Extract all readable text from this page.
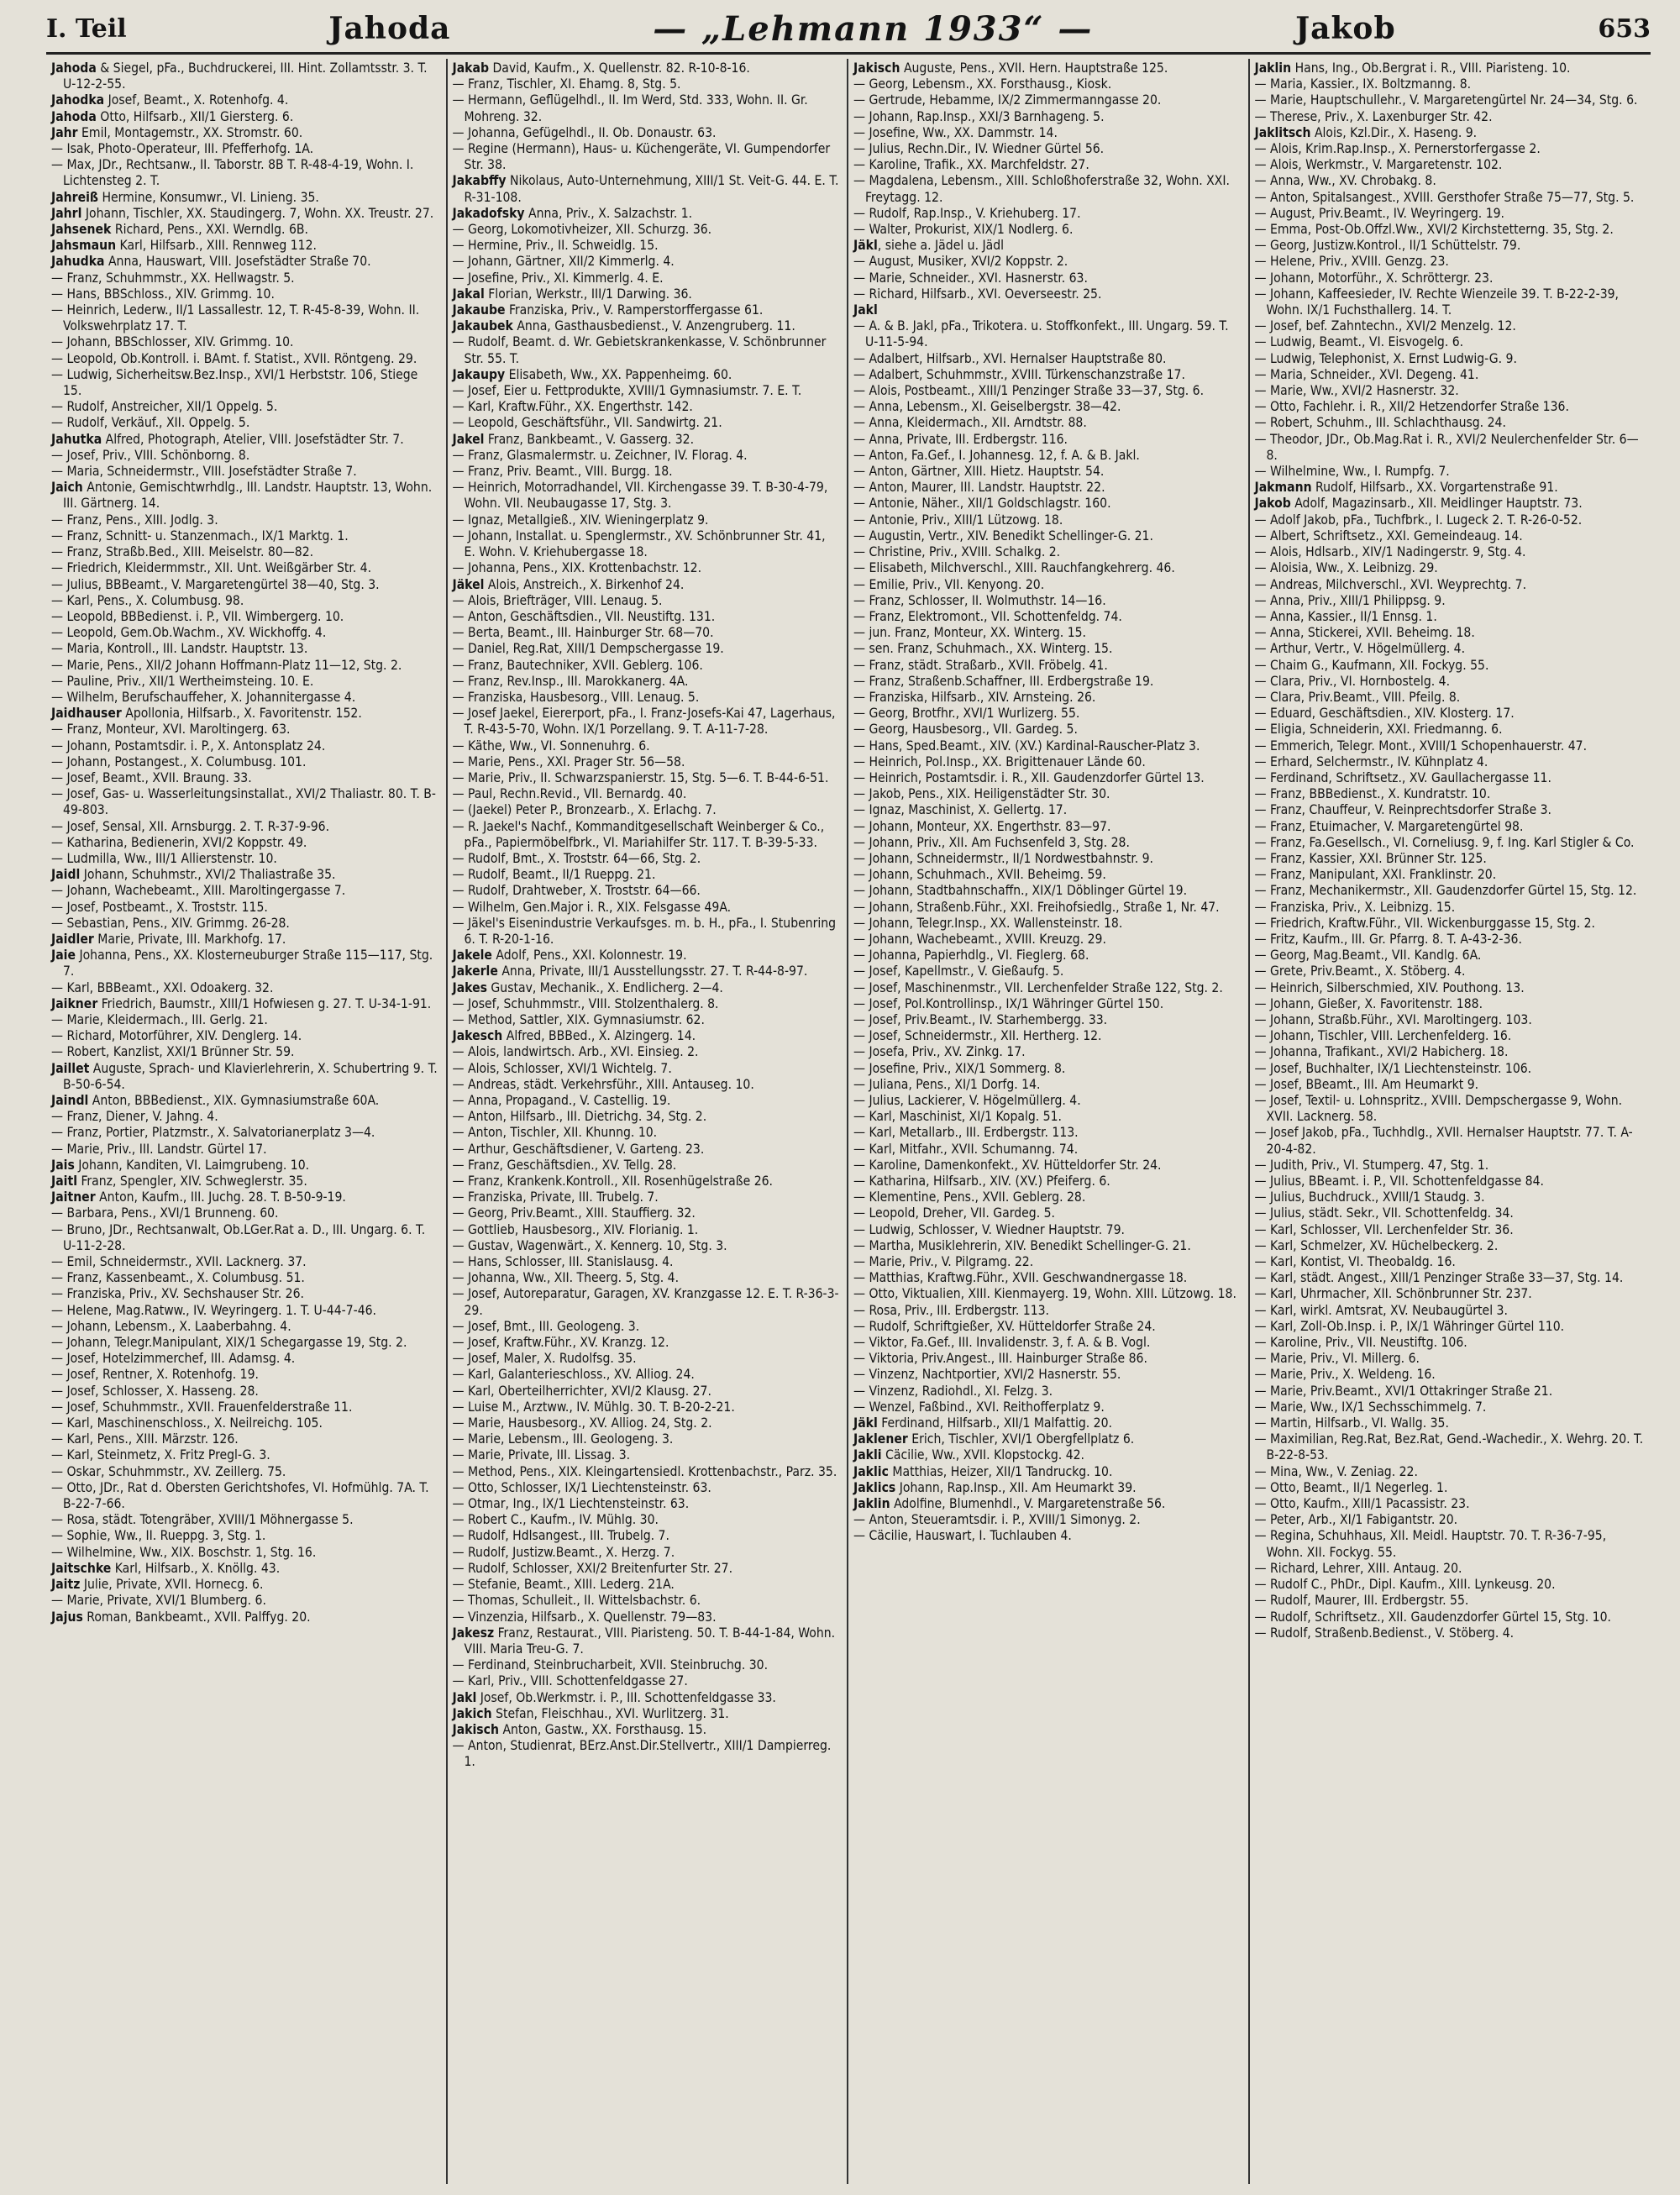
I. Teil	Jahoda	— „Lehmann 1933“ —	Jakob	653

Jahoda & Siegel, pFa., Buchdruckerei, III. Hint. Zollamtsstr. 3. T. U-12-2-55.

Jahodka Josef, Beamt., X. Rotenhofg. 4.

Jahoda Otto, Hilfsarb., XII/1 Giersterg. 6.

Jahr Emil, Montagemstr., XX. Stromstr. 60.

— Isak, Photo-Operateur, III. Pfefferhofg. 1A.

— Max, JDr., Rechtsanw., II. Taborstr. 8B T. R-48-4-19, Wohn. I. Lichtensteg 2. T.

Jahreiß Hermine, Konsumwr., VI. Linieng. 35.

Jahrl Johann, Tischler, XX. Staudingerg. 7, Wohn. XX. Treustr. 27.

Jahsenek Richard, Pens., XXI. Werndlg. 6B.

Jahsmaun Karl, Hilfsarb., XIII. Rennweg 112.

Jahudka Anna, Hauswart, VIII. Josefstädter Straße 70.

— Franz, Schuhmmstr., XX. Hellwagstr. 5.

— Hans, BBSchloss., XIV. Grimmg. 10.

— Heinrich, Lederw., II/1 Lassallestr. 12, T. R-45-8-39, Wohn. II. Volkswehrplatz 17. T.

— Johann, BBSchlosser, XIV. Grimmg. 10.

— Leopold, Ob.Kontroll. i. BAmt. f. Statist., XVII. Röntgeng. 29.

— Ludwig, Sicherheitsw.Bez.Insp., XVI/1 Herbststr. 106, Stiege 15.

— Rudolf, Anstreicher, XII/1 Oppelg. 5.

— Rudolf, Verkäuf., XII. Oppelg. 5.

Jahutka Alfred, Photograph, Atelier, VIII. Josefstädter Str. 7.

— Josef, Priv., VIII. Schönborng. 8.

— Maria, Schneidermstr., VIII. Josefstädter Straße 7.

Jaich Antonie, Gemischtwrhdlg., III. Landstr. Hauptstr. 13, Wohn. III. Gärtnerg. 14.

— Franz, Pens., XIII. Jodlg. 3.

— Franz, Schnitt- u. Stanzenmach., IX/1 Marktg. 1.

— Franz, Straßb.Bed., XIII. Meiselstr. 80—82.

— Friedrich, Kleidermmstr., XII. Unt. Weißgärber Str. 4.

— Julius, BBBeamt., V. Margaretengürtel 38—40, Stg. 3.

— Karl, Pens., X. Columbusg. 98.

— Leopold, BBBedienst. i. P., VII. Wimbergerg. 10.

— Leopold, Gem.Ob.Wachm., XV. Wickhoffg. 4.

— Maria, Kontroll., III. Landstr. Hauptstr. 13.

— Marie, Pens., XII/2 Johann Hoffmann-Platz 11—12, Stg. 2.

— Pauline, Priv., XII/1 Wertheimsteing. 10. E.

— Wilhelm, Berufschauffeher, X. Johannitergasse 4.

Jaidhauser Apollonia, Hilfsarb., X. Favoritenstr. 152.

— Franz, Monteur, XVI. Maroltingerg. 63.

— Johann, Postamtsdir. i. P., X. Antonsplatz 24.

— Johann, Postangest., X. Columbusg. 101.

— Josef, Beamt., XVII. Braung. 33.

— Josef, Gas- u. Wasserleitungsinstallat., XVI/2 Thaliastr. 80. T. B-49-803.

— Josef, Sensal, XII. Arnsburgg. 2. T. R-37-9-96.

— Katharina, Bedienerin, XVI/2 Koppstr. 49.

— Ludmilla, Ww., III/1 Allierstenstr. 10.

Jaidl Johann, Schuhmstr., XVI/2 Thaliastraße 35.

— Johann, Wachebeamt., XIII. Maroltingergasse 7.

— Josef, Postbeamt., X. Troststr. 115.

— Sebastian, Pens., XIV. Grimmg. 26-28.

Jaidler Marie, Private, III. Markhofg. 17.

Jaie Johanna, Pens., XX. Klosterneuburger Straße 115—117, Stg. 7.

— Karl, BBBeamt., XXI. Odoakerg. 32.

Jaikner Friedrich, Baumstr., XIII/1 Hofwiesen g. 27. T. U-34-1-91.

— Marie, Kleidermach., III. Gerlg. 21.

— Richard, Motorführer, XIV. Denglerg. 14.

— Robert, Kanzlist, XXI/1 Brünner Str. 59.

Jaillet Auguste, Sprach- und Klavierlehrerin, X. Schubertring 9. T. B-50-6-54.

Jaindl Anton, BBBedienst., XIX. Gymnasiumstraße 60A.

— Franz, Diener, V. Jahng. 4.

— Franz, Portier, Platzmstr., X. Salvatorianerplatz 3—4.

— Marie, Priv., III. Landstr. Gürtel 17.

Jais Johann, Kanditen, VI. Laimgrubeng. 10.

Jaitl Franz, Spengler, XIV. Schweglerstr. 35.

Jaitner Anton, Kaufm., III. Juchg. 28. T. B-50-9-19.

— Barbara, Pens., XVI/1 Brunneng. 60.

— Bruno, JDr., Rechtsanwalt, Ob.LGer.Rat a. D., III. Ungarg. 6. T. U-11-2-28.

— Emil, Schneidermstr., XVII. Lacknerg. 37.

— Franz, Kassenbeamt., X. Columbusg. 51.

— Franziska, Priv., XV. Sechshauser Str. 26.

— Helene, Mag.Ratww., IV. Weyringerg. 1. T. U-44-7-46.

— Johann, Lebensm., X. Laaberbahng. 4.

— Johann, Telegr.Manipulant, XIX/1 Schegargasse 19, Stg. 2.

— Josef, Hotelzimmerchef, III. Adamsg. 4.

— Josef, Rentner, X. Rotenhofg. 19.

— Josef, Schlosser, X. Hasseng. 28.

— Josef, Schuhmmstr., XVII. Frauenfelderstraße 11.

— Karl, Maschinenschloss., X. Neilreichg. 105.

— Karl, Pens., XIII. Märzstr. 126.

— Karl, Steinmetz, X. Fritz Pregl-G. 3.

— Oskar, Schuhmmstr., XV. Zeillerg. 75.

— Otto, JDr., Rat d. Obersten Gerichtshofes, VI. Hofmühlg. 7A. T. B-22-7-66.

— Rosa, städt. Totengräber, XVIII/1 Möhnergasse 5.

— Sophie, Ww., II. Rueppg. 3, Stg. 1.

— Wilhelmine, Ww., XIX. Boschstr. 1, Stg. 16.

Jaitschke Karl, Hilfsarb., X. Knöllg. 43.

Jaitz Julie, Private, XVII. Hornecg. 6.

— Marie, Private, XVI/1 Blumberg. 6.

Jajus Roman, Bankbeamt., XVII. Palffyg. 20.

Jakab David, Kaufm., X. Quellenstr. 82. R-10-8-16.

— Franz, Tischler, XI. Ehamg. 8, Stg. 5.

— Hermann, Geflügelhdl., II. Im Werd, Std. 333, Wohn. II. Gr. Mohreng. 32.

— Johanna, Gefügelhdl., II. Ob. Donaustr. 63.

— Regine (Hermann), Haus- u. Küchengeräte, VI. Gumpendorfer Str. 38.

Jakabffy Nikolaus, Auto-Unternehmung, XIII/1 St. Veit-G. 44. E. T. R-31-108.

Jakadofsky Anna, Priv., X. Salzachstr. 1.

— Georg, Lokomotivheizer, XII. Schurzg. 36.

— Hermine, Priv., II. Schweidlg. 15.

— Johann, Gärtner, XII/2 Kimmerlg. 4.

— Josefine, Priv., XI. Kimmerlg. 4. E.

Jakal Florian, Werkstr., III/1 Darwing. 36.

Jakaube Franziska, Priv., V. Ramperstorffergasse 61.

Jakaubek Anna, Gasthausbedienst., V. Anzengruberg. 11.

— Rudolf, Beamt. d. Wr. Gebietskrankenkasse, V. Schönbrunner Str. 55. T.

Jakaupy Elisabeth, Ww., XX. Pappenheimg. 60.

— Josef, Eier u. Fettprodukte, XVIII/1 Gymnasiumstr. 7. E. T.

— Karl, Kraftw.Führ., XX. Engerthstr. 142.

— Leopold, Geschäftsführ., VII. Sandwirtg. 21.

Jakel Franz, Bankbeamt., V. Gasserg. 32.

— Franz, Glasmalermstr. u. Zeichner, IV. Florag. 4.

— Franz, Priv. Beamt., VIII. Burgg. 18.

— Heinrich, Motorradhandel, VII. Kirchengasse 39. T. B-30-4-79, Wohn. VII. Neubaugasse 17, Stg. 3.

— Ignaz, Metallgieß., XIV. Wieningerplatz 9.

— Johann, Installat. u. Spenglermstr., XV. Schönbrunner Str. 41, E. Wohn. V. Kriehubergasse 18.

— Johanna, Pens., XIX. Krottenbachstr. 12.

Jäkel Alois, Anstreich., X. Birkenhof 24.

— Alois, Briefträger, VIII. Lenaug. 5.

— Anton, Geschäftsdien., VII. Neustiftg. 131.

— Berta, Beamt., III. Hainburger Str. 68—70.

— Daniel, Reg.Rat, XIII/1 Dempschergasse 19.

— Franz, Bautechniker, XVII. Geblerg. 106.

— Franz, Rev.Insp., III. Marokkanerg. 4A.

— Franziska, Hausbesorg., VIII. Lenaug. 5.

— Josef Jaekel, Eiererport, pFa., I. Franz-Josefs-Kai 47, Lagerhaus, T. R-43-5-70, Wohn. IX/1 Porzellang. 9. T. A-11-7-28.

— Käthe, Ww., VI. Sonnenuhrg. 6.

— Marie, Pens., XXI. Prager Str. 56—58.

— Marie, Priv., II. Schwarzspanierstr. 15, Stg. 5—6. T. B-44-6-51.

— Paul, Rechn.Revid., VII. Bernardg. 40.

— (Jaekel) Peter P., Bronzearb., X. Erlachg. 7.

— R. Jaekel's Nachf., Kommanditgesellschaft Weinberger & Co., pFa., Papiermöbelfbrk., VI. Mariahilfer Str. 117. T. B-39-5-33.

— Rudolf, Bmt., X. Troststr. 64—66, Stg. 2.

— Rudolf, Beamt., II/1 Rueppg. 21.

— Rudolf, Drahtweber, X. Troststr. 64—66.

— Wilhelm, Gen.Major i. R., XIX. Felsgasse 49A.

— Jäkel's Eisenindustrie Verkaufsges. m. b. H., pFa., I. Stubenring 6. T. R-20-1-16.

Jakele Adolf, Pens., XXI. Kolonnestr. 19.

Jakerle Anna, Private, III/1 Ausstellungsstr. 27. T. R-44-8-97.

Jakes Gustav, Mechanik., X. Endlicherg. 2—4.

— Josef, Schuhmmstr., VIII. Stolzenthalerg. 8.

— Method, Sattler, XIX. Gymnasiumstr. 62.

Jakesch Alfred, BBBed., X. Alzingerg. 14.

— Alois, landwirtsch. Arb., XVI. Einsieg. 2.

— Alois, Schlosser, XVI/1 Wichtelg. 7.

— Andreas, städt. Verkehrsführ., XIII. Antauseg. 10.

— Anna, Propagand., V. Castellig. 19.

— Anton, Hilfsarb., III. Dietrichg. 34, Stg. 2.

— Anton, Tischler, XII. Khunng. 10.

— Arthur, Geschäftsdiener, V. Garteng. 23.

— Franz, Geschäftsdien., XV. Tellg. 28.

— Franz, Krankenk.Kontroll., XII. Rosenhügelstraße 26.

— Franziska, Private, III. Trubelg. 7.

— Georg, Priv.Beamt., XIII. Stauffierg. 32.

— Gottlieb, Hausbesorg., XIV. Florianig. 1.

— Gustav, Wagenwärt., X. Kennerg. 10, Stg. 3.

— Hans, Schlosser, III. Stanislausg. 4.

— Johanna, Ww., XII. Theerg. 5, Stg. 4.

— Josef, Autoreparatur, Garagen, XV. Kranzgasse 12. E. T. R-36-3-29.

— Josef, Bmt., III. Geologeng. 3.

— Josef, Kraftw.Führ., XV. Kranzg. 12.

— Josef, Maler, X. Rudolfsg. 35.

— Karl, Galanterieschloss., XV. Alliog. 24.

— Karl, Oberteilherrichter, XVI/2 Klausg. 27.

— Luise M., Arztww., IV. Mühlg. 30. T. B-20-2-21.

— Marie, Hausbesorg., XV. Alliog. 24, Stg. 2.

— Marie, Lebensm., III. Geologeng. 3.

— Marie, Private, III. Lissag. 3.

— Method, Pens., XIX. Kleingartensiedl. Krottenbachstr., Parz. 35.

— Otto, Schlosser, IX/1 Liechtensteinstr. 63.

— Otmar, Ing., IX/1 Liechtensteinstr. 63.

— Robert C., Kaufm., IV. Mühlg. 30.

— Rudolf, Hdlsangest., III. Trubelg. 7.

— Rudolf, Justizw.Beamt., X. Herzg. 7.

— Rudolf, Schlosser, XXI/2 Breitenfurter Str. 27.

— Stefanie, Beamt., XIII. Lederg. 21A.

— Thomas, Schulleit., II. Wittelsbachstr. 6.

— Vinzenzia, Hilfsarb., X. Quellenstr. 79—83.

Jakesz Franz, Restaurat., VIII. Piaristeng. 50. T. B-44-1-84, Wohn. VIII. Maria Treu-G. 7.

— Ferdinand, Steinbrucharbeit, XVII. Steinbruchg. 30.

— Karl, Priv., VIII. Schottenfeldgasse 27.

Jakl Josef, Ob.Werkmstr. i. P., III. Schottenfeldgasse 33.

Jakich Stefan, Fleischhau., XVI. Wurlitzerg. 31.

Jakisch Anton, Gastw., XX. Forsthausg. 15.

— Anton, Studienrat, BErz.Anst.Dir.Stellvertr., XIII/1 Dampierreg. 1.

Jakisch Auguste, Pens., XVII. Hern. Hauptstraße 125.

— Georg, Lebensm., XX. Forsthausg., Kiosk.

— Gertrude, Hebamme, IX/2 Zimmermanngasse 20.

— Johann, Rap.Insp., XXI/3 Barnhageng. 5.

— Josefine, Ww., XX. Dammstr. 14.

— Julius, Rechn.Dir., IV. Wiedner Gürtel 56.

— Karoline, Trafik., XX. Marchfeldstr. 27.

— Magdalena, Lebensm., XIII. Schloßhoferstraße 32, Wohn. XXI. Freytagg. 12.

— Rudolf, Rap.Insp., V. Kriehuberg. 17.

— Walter, Prokurist, XIX/1 Nodlerg. 6.

Jäkl, siehe a. Jädel u. Jädl

— August, Musiker, XVI/2 Koppstr. 2.

— Marie, Schneider., XVI. Hasnerstr. 63.

— Richard, Hilfsarb., XVI. Oeverseestr. 25.

Jakl

— A. & B. Jakl, pFa., Trikotera. u. Stoffkonfekt., III. Ungarg. 59. T. U-11-5-94.

— Adalbert, Hilfsarb., XVI. Hernalser Hauptstraße 80.

— Adalbert, Schuhmmstr., XVIII. Türkenschanzstraße 17.

— Alois, Postbeamt., XIII/1 Penzinger Straße 33—37, Stg. 6.

— Anna, Lebensm., XI. Geiselbergstr. 38—42.

— Anna, Kleidermach., XII. Arndtstr. 88.

— Anna, Private, III. Erdbergstr. 116.

— Anton, Fa.Gef., I. Johannesg. 12, f. A. & B. Jakl.

— Anton, Gärtner, XIII. Hietz. Hauptstr. 54.

— Anton, Maurer, III. Landstr. Hauptstr. 22.

— Antonie, Näher., XII/1 Goldschlagstr. 160.

— Antonie, Priv., XIII/1 Lützowg. 18.

— Augustin, Vertr., XIV. Benedikt Schellinger-G. 21.

— Christine, Priv., XVIII. Schalkg. 2.

— Elisabeth, Milchverschl., XIII. Rauchfangkehrerg. 46.

— Emilie, Priv., VII. Kenyong. 20.

— Franz, Schlosser, II. Wolmuthstr. 14—16.

— Franz, Elektromont., VII. Schottenfeldg. 74.

— jun. Franz, Monteur, XX. Winterg. 15.

— sen. Franz, Schuhmach., XX. Winterg. 15.

— Franz, städt. Straßarb., XVII. Fröbelg. 41.

— Franz, Straßenb.Schaffner, III. Erdbergstraße 19.

— Franziska, Hilfsarb., XIV. Arnsteing. 26.

— Georg, Brotfhr., XVI/1 Wurlizerg. 55.

— Georg, Hausbesorg., VII. Gardeg. 5.

— Hans, Sped.Beamt., XIV. (XV.) Kardinal-Rauscher-Platz 3.

— Heinrich, Pol.Insp., XX. Brigittenauer Lände 60.

— Heinrich, Postamtsdir. i. R., XII. Gaudenzdorfer Gürtel 13.

— Jakob, Pens., XIX. Heiligenstädter Str. 30.

— Ignaz, Maschinist, X. Gellertg. 17.

— Johann, Monteur, XX. Engerthstr. 83—97.

— Johann, Priv., XII. Am Fuchsenfeld 3, Stg. 28.

— Johann, Schneidermstr., II/1 Nordwestbahnstr. 9.

— Johann, Schuhmach., XVII. Beheimg. 59.

— Johann, Stadtbahnschaffn., XIX/1 Döblinger Gürtel 19.

— Johann, Straßenb.Führ., XXI. Freihofsiedlg., Straße 1, Nr. 47.

— Johann, Telegr.Insp., XX. Wallensteinstr. 18.

— Johann, Wachebeamt., XVIII. Kreuzg. 29.

— Johanna, Papierhdlg., VI. Fieglerg. 68.

— Josef, Kapellmstr., V. Gießaufg. 5.

— Josef, Maschinenmstr., VII. Lerchenfelder Straße 122, Stg. 2.

— Josef, Pol.Kontrollinsp., IX/1 Währinger Gürtel 150.

— Josef, Priv.Beamt., IV. Starhembergg. 33.

— Josef, Schneidermstr., XII. Hertherg. 12.

— Josefa, Priv., XV. Zinkg. 17.

— Josefine, Priv., XIX/1 Sommerg. 8.

— Juliana, Pens., XI/1 Dorfg. 14.

— Julius, Lackierer, V. Högelmüllerg. 4.

— Karl, Maschinist, XI/1 Kopalg. 51.

— Karl, Metallarb., III. Erdbergstr. 113.

— Karl, Mitfahr., XVII. Schumanng. 74.

— Karoline, Damenkonfekt., XV. Hütteldorfer Str. 24.

— Katharina, Hilfsarb., XIV. (XV.) Pfeiferg. 6.

— Klementine, Pens., XVII. Geblerg. 28.

— Leopold, Dreher, VII. Gardeg. 5.

— Ludwig, Schlosser, V. Wiedner Hauptstr. 79.

— Martha, Musiklehrerin, XIV. Benedikt Schellinger-G. 21.

— Marie, Priv., V. Pilgramg. 22.

— Matthias, Kraftwg.Führ., XVII. Geschwandnergasse 18.

— Otto, Viktualien, XIII. Kienmayerg. 19, Wohn. XIII. Lützowg. 18.

— Rosa, Priv., III. Erdbergstr. 113.

— Rudolf, Schriftgießer, XV. Hütteldorfer Straße 24.

— Viktor, Fa.Gef., III. Invalidenstr. 3, f. A. & B. Vogl.

— Viktoria, Priv.Angest., III. Hainburger Straße 86.

— Vinzenz, Nachtportier, XVI/2 Hasnerstr. 55.

— Vinzenz, Radiohdl., XI. Felzg. 3.

— Wenzel, Faßbind., XVI. Reithofferplatz 9.

Jäkl Ferdinand, Hilfsarb., XII/1 Malfattig. 20.

Jaklener Erich, Tischler, XVI/1 Obergfellplatz 6.

Jakli Cäcilie, Ww., XVII. Klopstockg. 42.

Jaklic Matthias, Heizer, XII/1 Tandruckg. 10.

Jaklics Johann, Rap.Insp., XII. Am Heumarkt 39.

Jaklin Adolfine, Blumenhdl., V. Margaretenstraße 56.

— Anton, Steueramtsdir. i. P., XVIII/1 Simonyg. 2.

— Cäcilie, Hauswart, I. Tuchlauben 4.

Jaklin Hans, Ing., Ob.Bergrat i. R., VIII. Piaristeng. 10.

— Maria, Kassier., IX. Boltzmanng. 8.

— Marie, Hauptschullehr., V. Margaretengürtel Nr. 24—34, Stg. 6.

— Therese, Priv., X. Laxenburger Str. 42.

Jaklitsch Alois, Kzl.Dir., X. Haseng. 9.

— Alois, Krim.Rap.Insp., X. Pernerstorfergasse 2.

— Alois, Werkmstr., V. Margaretenstr. 102.

— Anna, Ww., XV. Chrobakg. 8.

— Anton, Spitalsangest., XVIII. Gersthofer Straße 75—77, Stg. 5.

— August, Priv.Beamt., IV. Weyringerg. 19.

— Emma, Post-Ob.Offzl.Ww., XVI/2 Kirchstetterng. 35, Stg. 2.

— Georg, Justizw.Kontrol., II/1 Schüttelstr. 79.

— Helene, Priv., XVIII. Genzg. 23.

— Johann, Motorführ., X. Schröttergr. 23.

— Johann, Kaffeesieder, IV. Rechte Wienzeile 39. T. B-22-2-39, Wohn. IX/1 Fuchsthallerg. 14. T.

— Josef, bef. Zahntechn., XVI/2 Menzelg. 12.

— Ludwig, Beamt., VI. Eisvogelg. 6.

— Ludwig, Telephonist, X. Ernst Ludwig-G. 9.

— Maria, Schneider., XVI. Degeng. 41.

— Marie, Ww., XVI/2 Hasnerstr. 32.

— Otto, Fachlehr. i. R., XII/2 Hetzendorfer Straße 136.

— Robert, Schuhm., III. Schlachthausg. 24.

— Theodor, JDr., Ob.Mag.Rat i. R., XVI/2 Neulerchenfelder Str. 6—8.

— Wilhelmine, Ww., I. Rumpfg. 7.

Jakmann Rudolf, Hilfsarb., XX. Vorgartenstraße 91.

Jakob Adolf, Magazinsarb., XII. Meidlinger Hauptstr. 73.

— Adolf Jakob, pFa., Tuchfbrk., I. Lugeck 2. T. R-26-0-52.

— Albert, Schriftsetz., XXI. Gemeindeaug. 14.

— Alois, Hdlsarb., XIV/1 Nadingerstr. 9, Stg. 4.

— Aloisia, Ww., X. Leibnizg. 29.

— Andreas, Milchverschl., XVI. Weyprechtg. 7.

— Anna, Priv., XIII/1 Philippsg. 9.

— Anna, Kassier., II/1 Ennsg. 1.

— Anna, Stickerei, XVII. Beheimg. 18.

— Arthur, Vertr., V. Högelmüllerg. 4.

— Chaim G., Kaufmann, XII. Fockyg. 55.

— Clara, Priv., VI. Hornbostelg. 4.

— Clara, Priv.Beamt., VIII. Pfeilg. 8.

— Eduard, Geschäftsdien., XIV. Klosterg. 17.

— Eligia, Schneiderin, XXI. Friedmanng. 6.

— Emmerich, Telegr. Mont., XVIII/1 Schopenhauerstr. 47.

— Erhard, Selchermstr., IV. Kühnplatz 4.

— Ferdinand, Schriftsetz., XV. Gaullachergasse 11.

— Franz, BBBedienst., X. Kundratstr. 10.

— Franz, Chauffeur, V. Reinprechtsdorfer Straße 3.

— Franz, Etuimacher, V. Margaretengürtel 98.

— Franz, Fa.Gesellsch., VI. Corneliusg. 9, f. Ing. Karl Stigler & Co.

— Franz, Kassier, XXI. Brünner Str. 125.

— Franz, Manipulant, XXI. Franklinstr. 20.

— Franz, Mechanikermstr., XII. Gaudenzdorfer Gürtel 15, Stg. 12.

— Franziska, Priv., X. Leibnizg. 15.

— Friedrich, Kraftw.Führ., VII. Wickenburggasse 15, Stg. 2.

— Fritz, Kaufm., III. Gr. Pfarrg. 8. T. A-43-2-36.

— Georg, Mag.Beamt., VII. Kandlg. 6A.

— Grete, Priv.Beamt., X. Stöberg. 4.

— Heinrich, Silberschmied, XIV. Pouthong. 13.

— Johann, Gießer, X. Favoritenstr. 188.

— Johann, Straßb.Führ., XVI. Maroltingerg. 103.

— Johann, Tischler, VIII. Lerchenfelderg. 16.

— Johanna, Trafikant., XVI/2 Habicherg. 18.

— Josef, Buchhalter, IX/1 Liechtensteinstr. 106.

— Josef, BBeamt., III. Am Heumarkt 9.

— Josef, Textil- u. Lohnspritz., XVIII. Dempschergasse 9, Wohn. XVII. Lacknerg. 58.

— Josef Jakob, pFa., Tuchhdlg., XVII. Hernalser Hauptstr. 77. T. A-20-4-82.

— Judith, Priv., VI. Stumperg. 47, Stg. 1.

— Julius, BBeamt. i. P., VII. Schottenfeldgasse 84.

— Julius, Buchdruck., XVIII/1 Staudg. 3.

— Julius, städt. Sekr., VII. Schottenfeldg. 34.

— Karl, Schlosser, VII. Lerchenfelder Str. 36.

— Karl, Schmelzer, XV. Hüchelbeckerg. 2.

— Karl, Kontist, VI. Theobaldg. 16.

— Karl, städt. Angest., XIII/1 Penzinger Straße 33—37, Stg. 14.

— Karl, Uhrmacher, XII. Schönbrunner Str. 237.

— Karl, wirkl. Amtsrat, XV. Neubaugürtel 3.

— Karl, Zoll-Ob.Insp. i. P., IX/1 Währinger Gürtel 110.

— Karoline, Priv., VII. Neustiftg. 106.

— Marie, Priv., VI. Millerg. 6.

— Marie, Priv., X. Weldeng. 16.

— Marie, Priv.Beamt., XVI/1 Ottakringer Straße 21.

— Marie, Ww., IX/1 Sechsschimmelg. 7.

— Martin, Hilfsarb., VI. Wallg. 35.

— Maximilian, Reg.Rat, Bez.Rat, Gend.-Wachedir., X. Wehrg. 20. T. B-22-8-53.

— Mina, Ww., V. Zeniag. 22.

— Otto, Beamt., II/1 Negerleg. 1.

— Otto, Kaufm., XIII/1 Pacassistr. 23.

— Peter, Arb., XI/1 Fabigantstr. 20.

— Regina, Schuhhaus, XII. Meidl. Hauptstr. 70. T. R-36-7-95, Wohn. XII. Fockyg. 55.

— Richard, Lehrer, XIII. Antaug. 20.

— Rudolf C., PhDr., Dipl. Kaufm., XIII. Lynkeusg. 20.

— Rudolf, Maurer, III. Erdbergstr. 55.

— Rudolf, Schriftsetz., XII. Gaudenzdorfer Gürtel 15, Stg. 10.

— Rudolf, Straßenb.Bedienst., V. Stöberg. 4.
